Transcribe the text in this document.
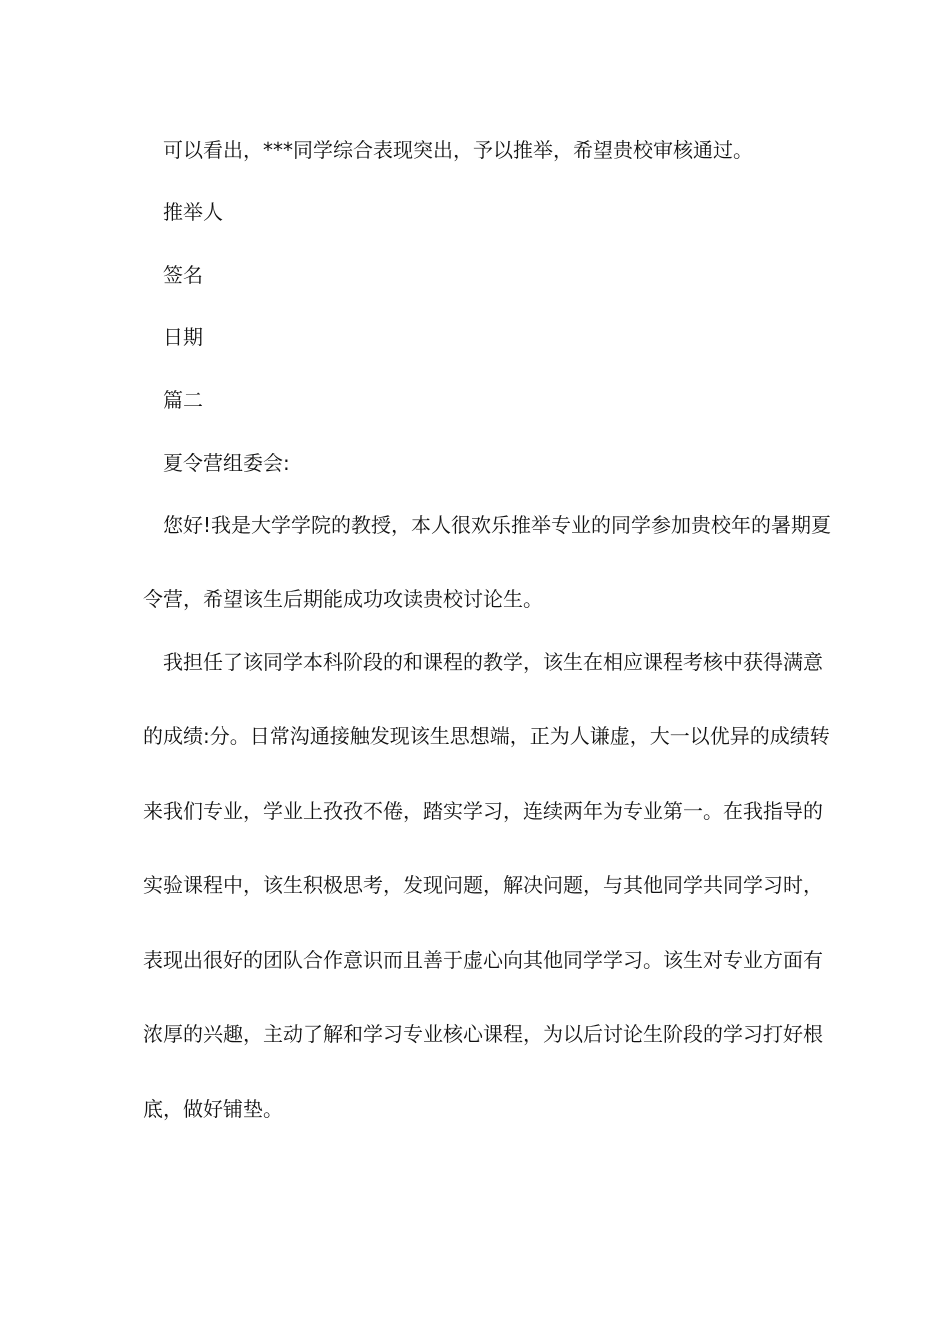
可以看出，***同学综合表现突出，予以推举，希望贵校审核通过。

推举人

签名

日期

篇二

夏令营组委会:

您好!我是大学学院的教授，本人很欢乐推举专业的同学参加贵校年的暑期夏

令营，希望该生后期能成功攻读贵校讨论生。

我担任了该同学本科阶段的和课程的教学，该生在相应课程考核中获得满意

的成绩:分。日常沟通接触发现该生思想端，正为人谦虚，大一以优异的成绩转

来我们专业，学业上孜孜不倦，踏实学习，连续两年为专业第一。在我指导的

实验课程中，该生积极思考，发现问题，解决问题，与其他同学共同学习时，

表现出很好的团队合作意识而且善于虚心向其他同学学习。该生对专业方面有

浓厚的兴趣，主动了解和学习专业核心课程，为以后讨论生阶段的学习打好根

底，做好铺垫。
